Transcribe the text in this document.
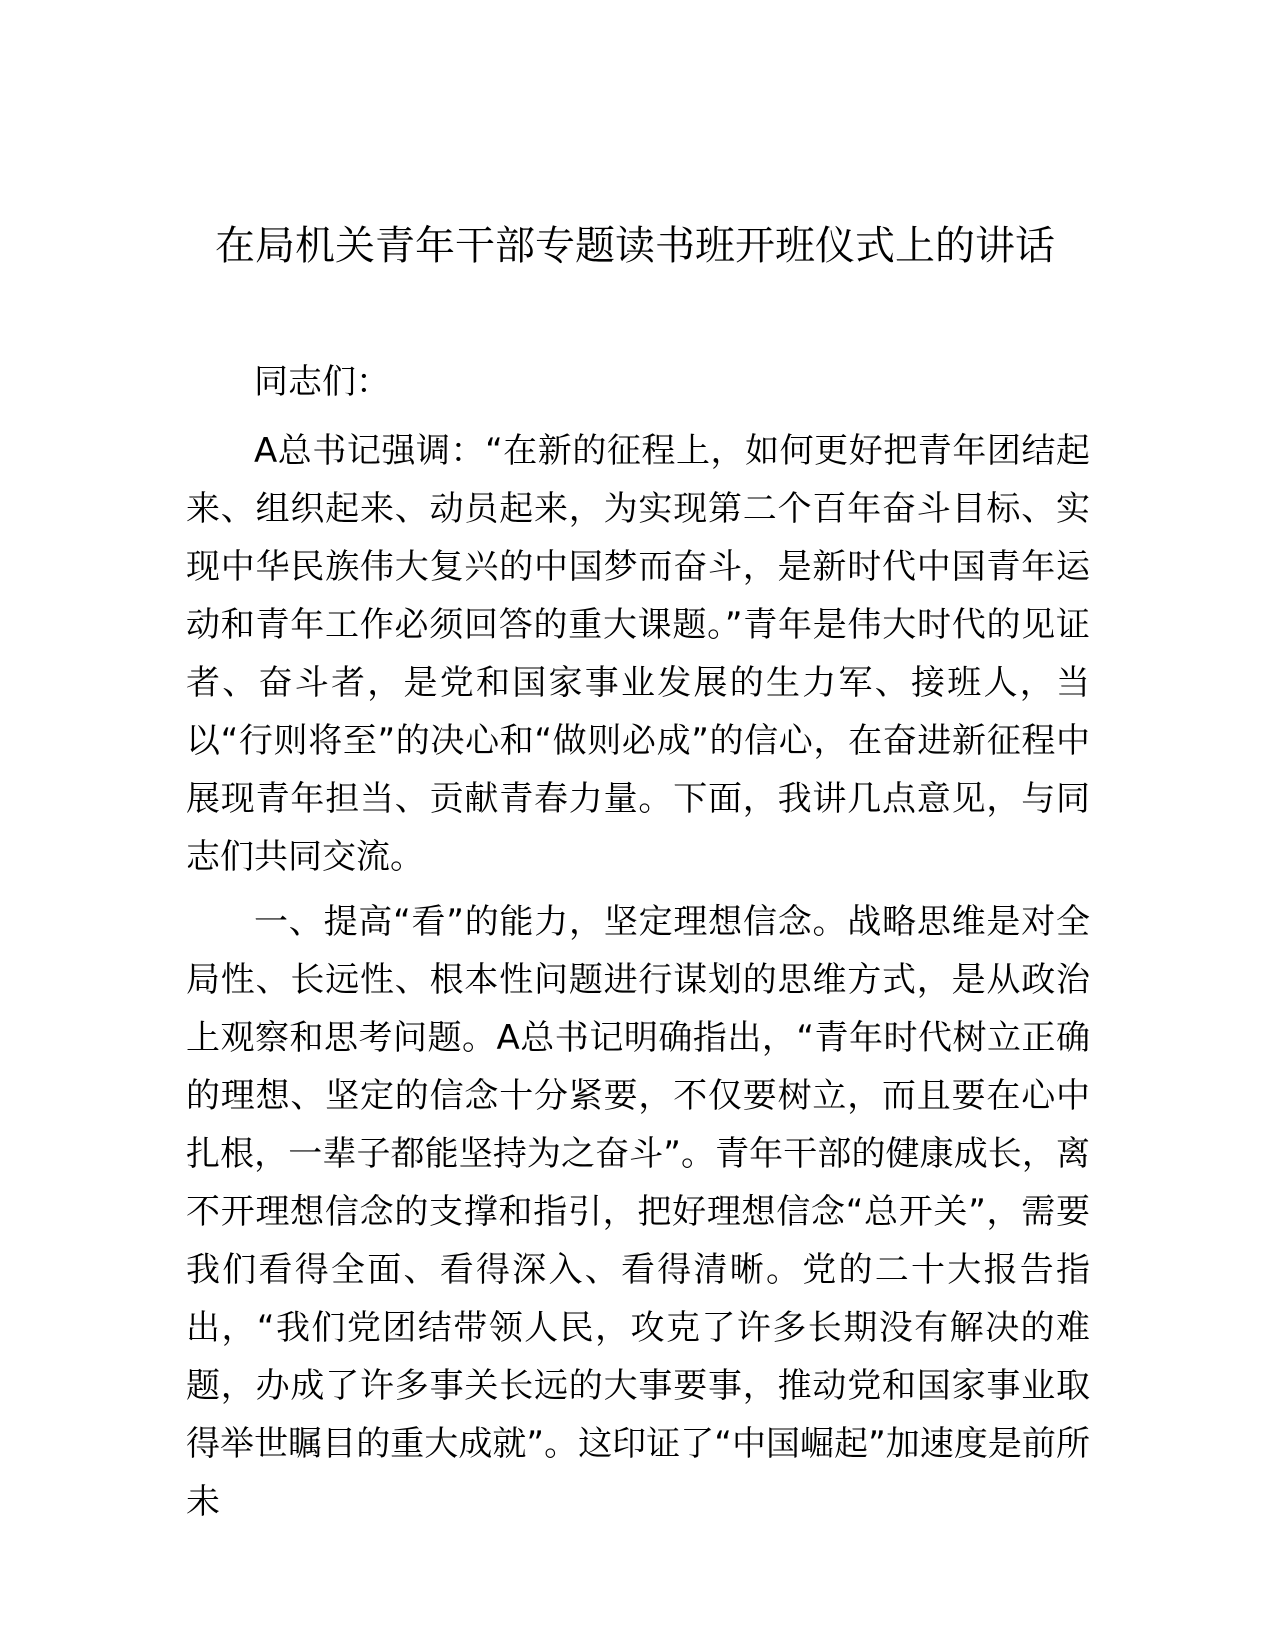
在局机关青年干部专题读书班开班仪式上的讲话

同志们：

A总书记强调：“在新的征程上，如何更好把青年团结起来、组织起来、动员起来，为实现第二个百年奋斗目标、实现中华民族伟大复兴的中国梦而奋斗，是新时代中国青年运动和青年工作必须回答的重大课题。”青年是伟大时代的见证者、奋斗者，是党和国家事业发展的生力军、接班人，当以“行则将至”的决心和“做则必成”的信心，在奋进新征程中展现青年担当、贡献青春力量。下面，我讲几点意见，与同志们共同交流。

一、提高“看”的能力，坚定理想信念。战略思维是对全局性、长远性、根本性问题进行谋划的思维方式，是从政治上观察和思考问题。A总书记明确指出，“青年时代树立正确的理想、坚定的信念十分紧要，不仅要树立，而且要在心中扎根，一辈子都能坚持为之奋斗”。青年干部的健康成长，离不开理想信念的支撑和指引，把好理想信念“总开关”，需要我们看得全面、看得深入、看得清晰。党的二十大报告指出，“我们党团结带领人民，攻克了许多长期没有解决的难题，办成了许多事关长远的大事要事，推动党和国家事业取得举世瞩目的重大成就”。这印证了“中国崛起”加速度是前所未
